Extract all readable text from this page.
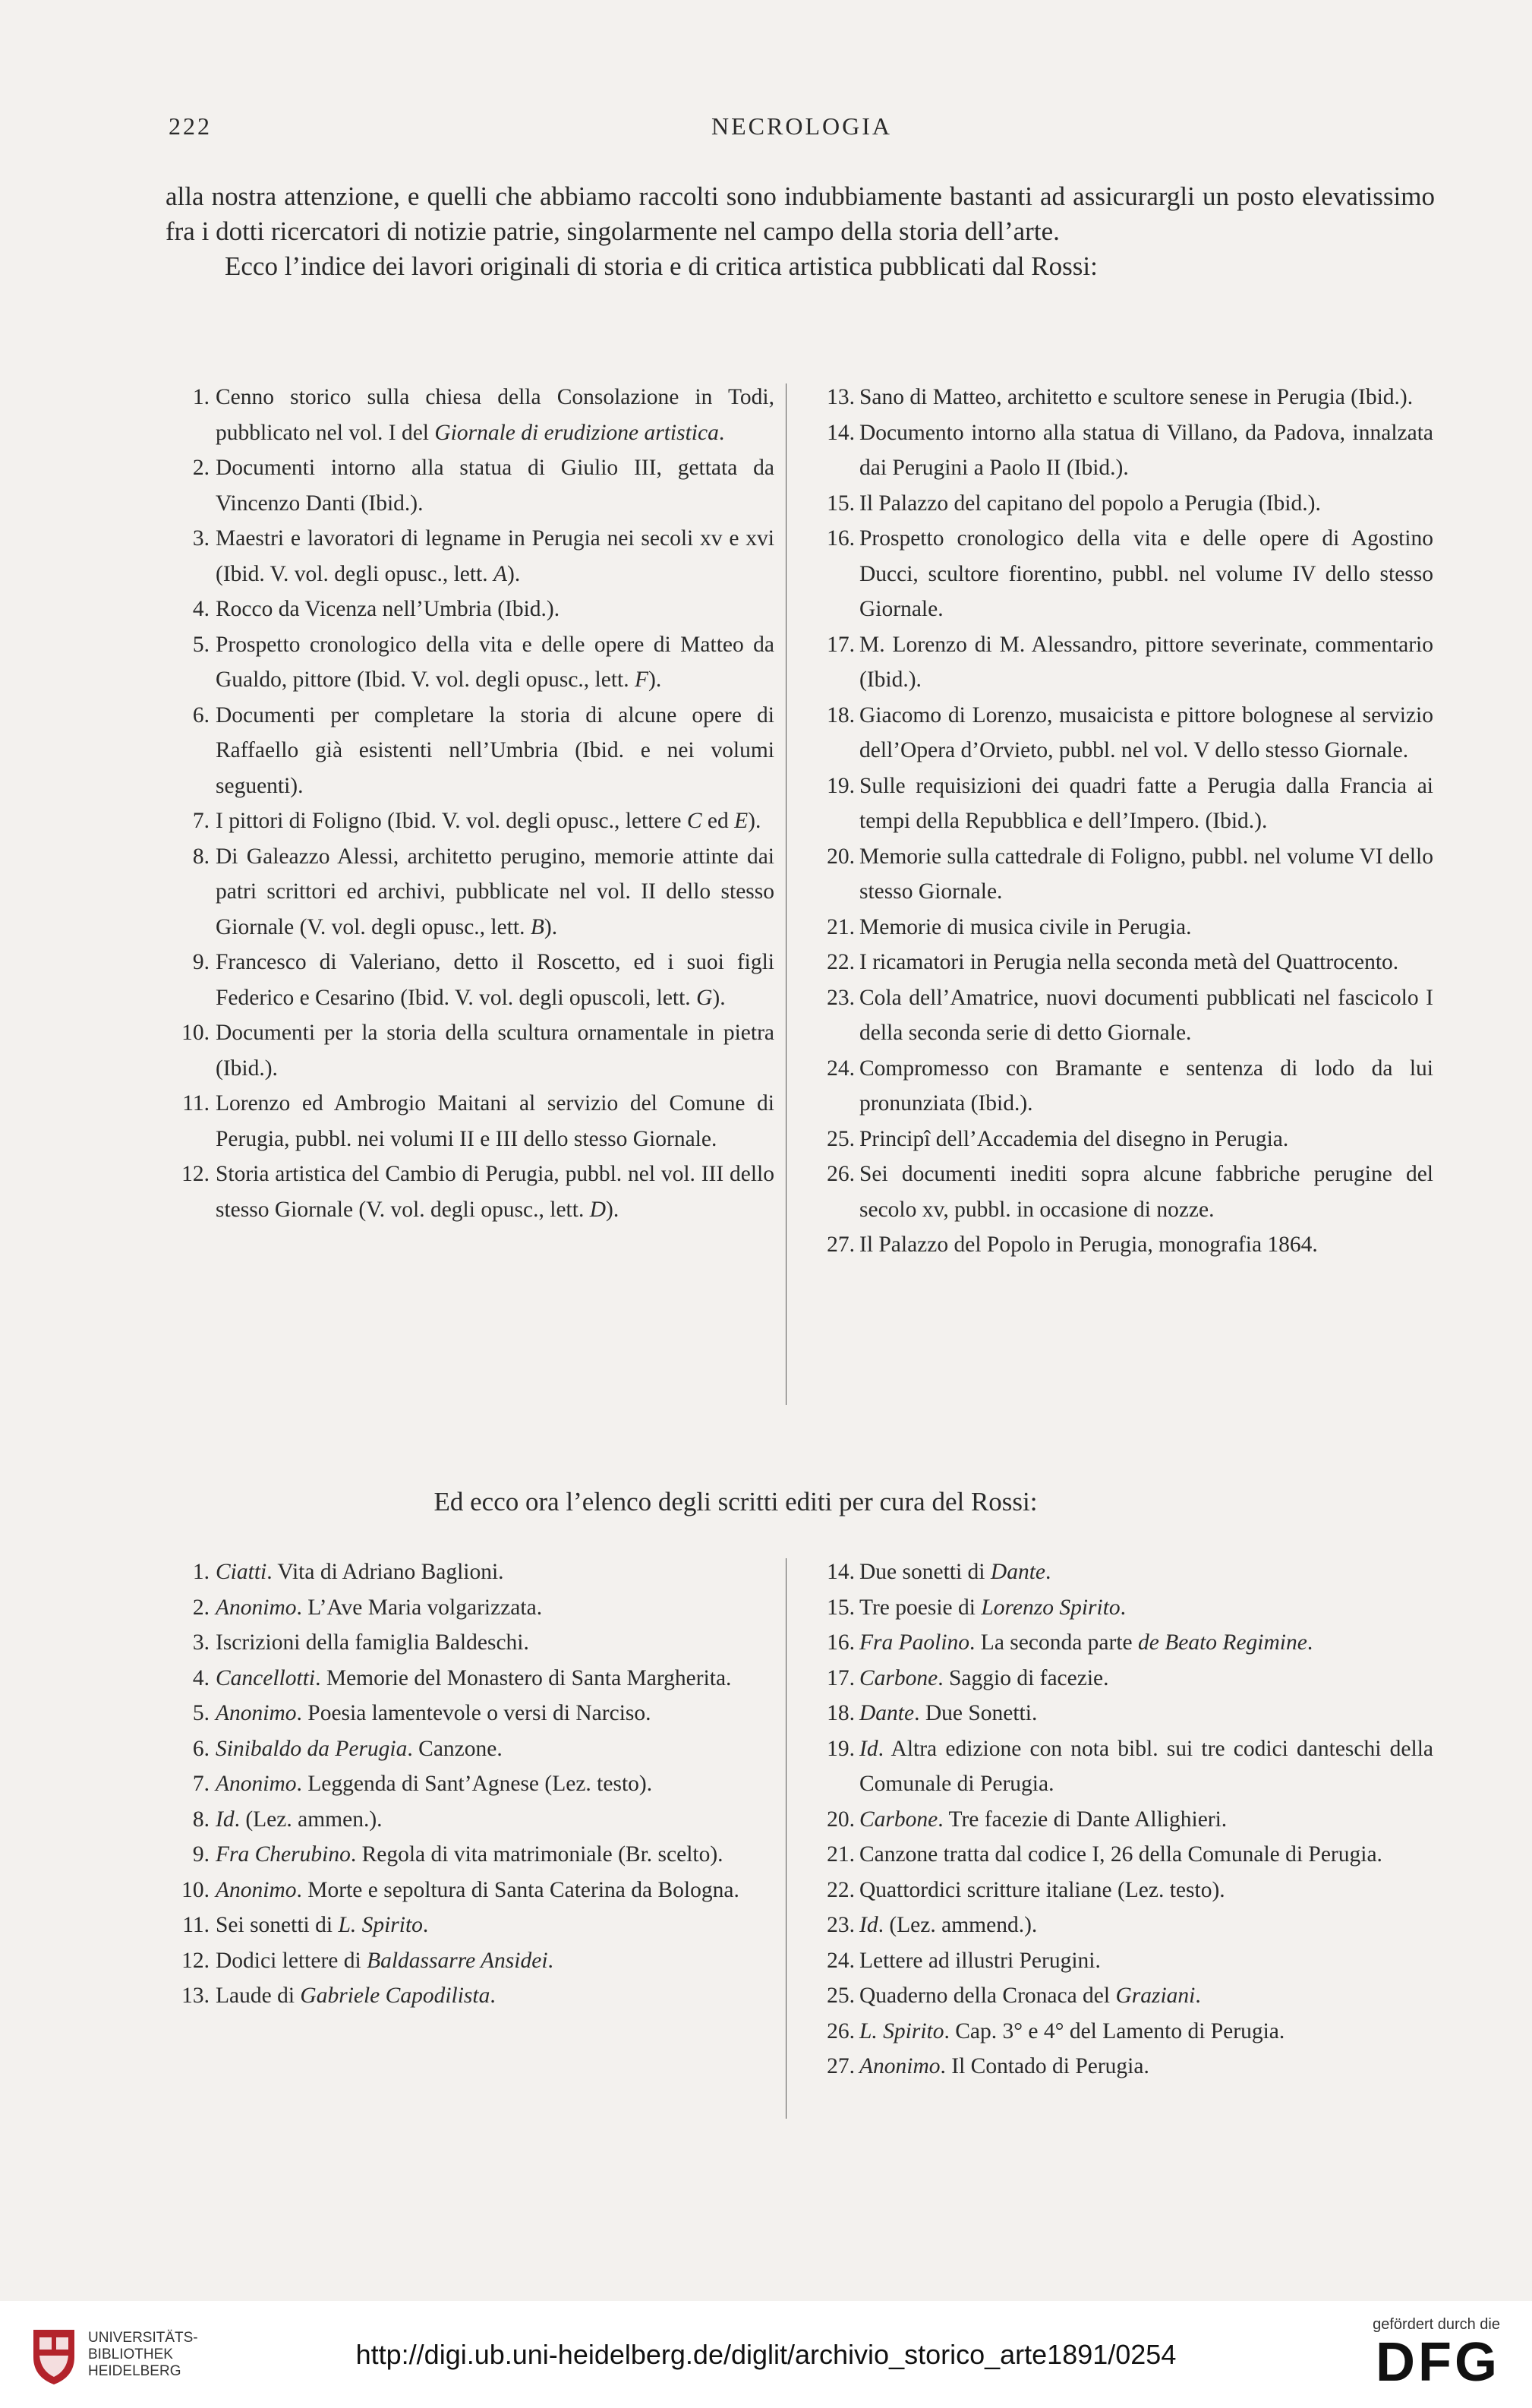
222	NECROLOGIA

alla nostra attenzione, e quelli che abbiamo raccolti sono indubbiamente bastanti ad assicurargli un posto elevatissimo fra i dotti ricercatori di notizie patrie, singolarmente nel campo della storia dell’arte.

Ecco l’indice dei lavori originali di storia e di critica artistica pubblicati dal Rossi:

1. Cenno storico sulla chiesa della Consolazione in Todi, pubblicato nel vol. I del Giornale di erudizione artistica.
2. Documenti intorno alla statua di Giulio III, gettata da Vincenzo Danti (Ibid.).
3. Maestri e lavoratori di legname in Perugia nei secoli xv e xvi (Ibid. V. vol. degli opusc., lett. A).
4. Rocco da Vicenza nell’Umbria (Ibid.).
5. Prospetto cronologico della vita e delle opere di Matteo da Gualdo, pittore (Ibid. V. vol. degli opusc., lett. F).
6. Documenti per completare la storia di alcune opere di Raffaello già esistenti nell’Umbria (Ibid. e nei volumi seguenti).
7. I pittori di Foligno (Ibid. V. vol. degli opusc., lettere C ed E).
8. Di Galeazzo Alessi, architetto perugino, memorie attinte dai patri scrittori ed archivi, pubblicate nel vol. II dello stesso Giornale (V. vol. degli opusc., lett. B).
9. Francesco di Valeriano, detto il Roscetto, ed i suoi figli Federico e Cesarino (Ibid. V. vol. degli opuscoli, lett. G).
10. Documenti per la storia della scultura ornamentale in pietra (Ibid.).
11. Lorenzo ed Ambrogio Maitani al servizio del Comune di Perugia, pubbl. nei volumi II e III dello stesso Giornale.
12. Storia artistica del Cambio di Perugia, pubbl. nel vol. III dello stesso Giornale (V. vol. degli opusc., lett. D).
13. Sano di Matteo, architetto e scultore senese in Perugia (Ibid.).
14. Documento intorno alla statua di Villano, da Padova, innalzata dai Perugini a Paolo II (Ibid.).
15. Il Palazzo del capitano del popolo a Perugia (Ibid.).
16. Prospetto cronologico della vita e delle opere di Agostino Ducci, scultore fiorentino, pubbl. nel volume IV dello stesso Giornale.
17. M. Lorenzo di M. Alessandro, pittore severinate, commentario (Ibid.).
18. Giacomo di Lorenzo, musaicista e pittore bolognese al servizio dell’Opera d’Orvieto, pubbl. nel vol. V dello stesso Giornale.
19. Sulle requisizioni dei quadri fatte a Perugia dalla Francia ai tempi della Repubblica e dell’Impero. (Ibid.).
20. Memorie sulla cattedrale di Foligno, pubbl. nel volume VI dello stesso Giornale.
21. Memorie di musica civile in Perugia.
22. I ricamatori in Perugia nella seconda metà del Quattrocento.
23. Cola dell’Amatrice, nuovi documenti pubblicati nel fascicolo I della seconda serie di detto Giornale.
24. Compromesso con Bramante e sentenza di lodo da lui pronunziata (Ibid.).
25. Principî dell’Accademia del disegno in Perugia.
26. Sei documenti inediti sopra alcune fabbriche perugine del secolo xv, pubbl. in occasione di nozze.
27. Il Palazzo del Popolo in Perugia, monografia 1864.
Ed ecco ora l’elenco degli scritti editi per cura del Rossi:
1. Ciatti. Vita di Adriano Baglioni.
2. Anonimo. L’Ave Maria volgarizzata.
3. Iscrizioni della famiglia Baldeschi.
4. Cancellotti. Memorie del Monastero di Santa Margherita.
5. Anonimo. Poesia lamentevole o versi di Narciso.
6. Sinibaldo da Perugia. Canzone.
7. Anonimo. Leggenda di Sant’Agnese (Lez. testo).
8. Id. (Lez. ammen.).
9. Fra Cherubino. Regola di vita matrimoniale (Br. scelto).
10. Anonimo. Morte e sepoltura di Santa Caterina da Bologna.
11. Sei sonetti di L. Spirito.
12. Dodici lettere di Baldassarre Ansidei.
13. Laude di Gabriele Capodilista.
14. Due sonetti di Dante.
15. Tre poesie di Lorenzo Spirito.
16. Fra Paolino. La seconda parte de Beato Regimine.
17. Carbone. Saggio di facezie.
18. Dante. Due Sonetti.
19. Id. Altra edizione con nota bibl. sui tre codici danteschi della Comunale di Perugia.
20. Carbone. Tre facezie di Dante Allighieri.
21. Canzone tratta dal codice I, 26 della Comunale di Perugia.
22. Quattordici scritture italiane (Lez. testo).
23. Id. (Lez. ammend.).
24. Lettere ad illustri Perugini.
25. Quaderno della Cronaca del Graziani.
26. L. Spirito. Cap. 3° e 4° del Lamento di Perugia.
27. Anonimo. Il Contado di Perugia.
UNIVERSITÄTS-
BIBLIOTHEK
HEIDELBERG
http://digi.ub.uni-heidelberg.de/diglit/archivio_storico_arte1891/0254
gefördert durch die
DFG
